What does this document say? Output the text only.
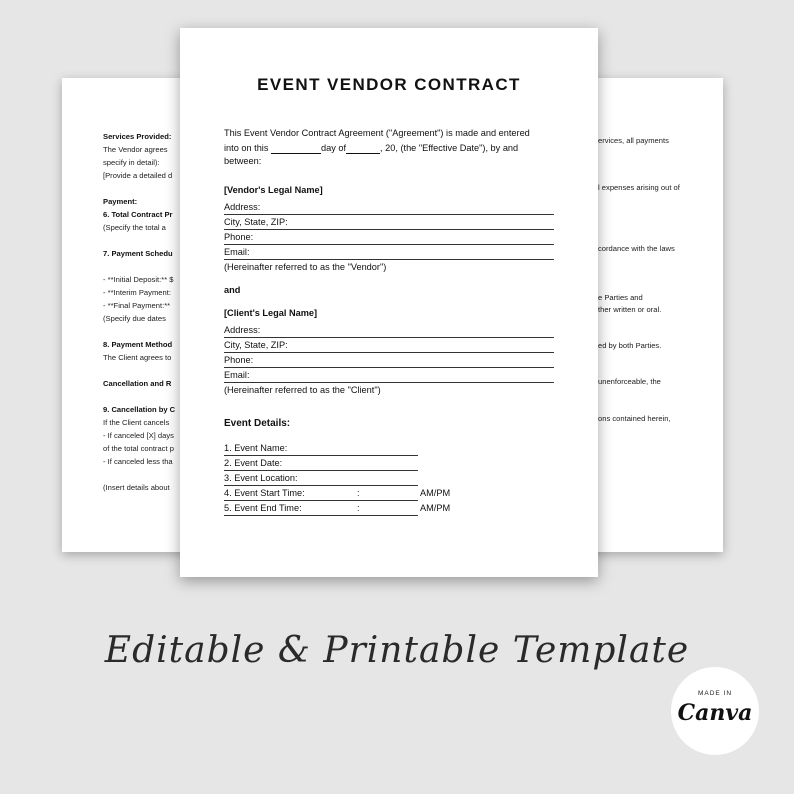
Services Provided:
The Vendor agrees
specify in detail):
[Provide a detailed d
Payment:
6. Total Contract Pr
(Specify the total a
7. Payment Schedu
- **Initial Deposit:** $
- **Interim Payment:
- **Final Payment:**
(Specify due dates
8. Payment Method
The Client agrees to
Cancellation and R
9. Cancellation by C
If the Client cancels
- If canceled [X] days
of the total contract p
- If canceled less tha
(Insert details about
ervices, all payments
l expenses arising out of
cordance with the laws
e Parties and
ther written or oral.
ed by both Parties.
unenforceable, the
ons contained herein,
EVENT VENDOR CONTRACT
This Event Vendor Contract Agreement ("Agreement") is made and entered
into on this	day of	, 20, (the "Effective Date"), by and
between:
[Vendor's Legal Name]
Address:
City, State, ZIP:
Phone:
Email:
(Hereinafter referred to as the "Vendor")
and
[Client's Legal Name]
Address:
City, State, ZIP:
Phone:
Email:
(Hereinafter referred to as the "Client")
Event Details:
1. Event Name:
2. Event Date:
3. Event Location:
4. Event Start Time:	:	AM/PM
5. Event End Time:	:	AM/PM
Editable & Printable Template
MADE IN
Canva
